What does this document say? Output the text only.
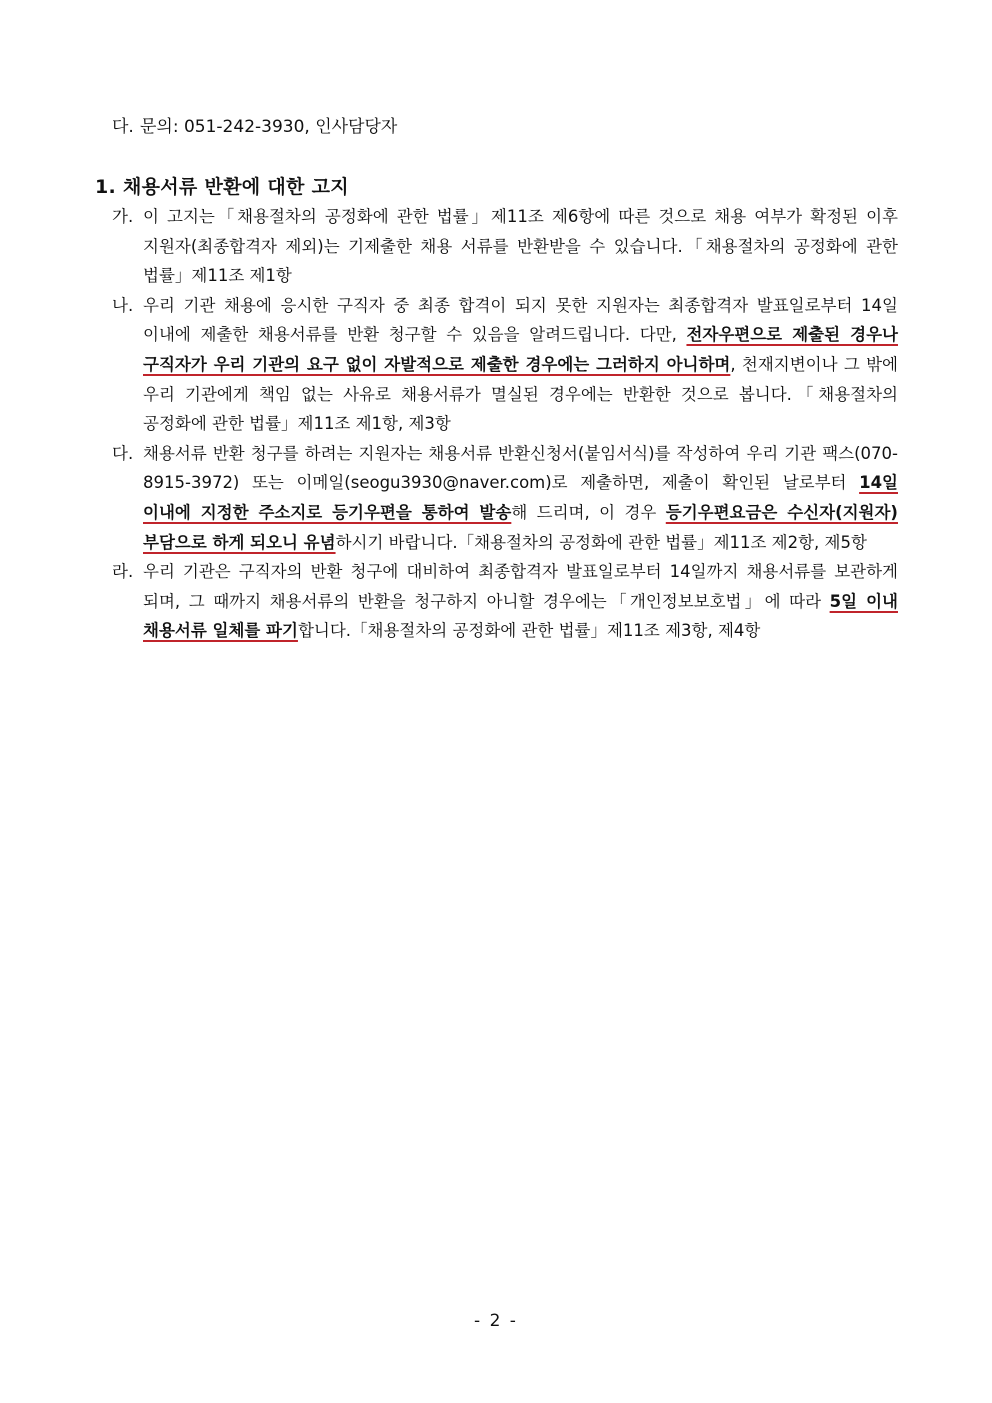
다. 문의: 051-242-3930, 인사담당자
1. 채용서류 반환에 대한 고지

가. 이 고지는「채용절차의 공정화에 관한 법률」제11조 제6항에 따른 것으로 채용 여부가 확정된 이후 지원자(최종합격자 제외)는 기제출한 채용 서류를 반환받을 수 있습니다.「채용절차의 공정화에 관한 법률」제11조 제1항

나. 우리 기관 채용에 응시한 구직자 중 최종 합격이 되지 못한 지원자는 최종합격자 발표일로부터 14일 이내에 제출한 채용서류를 반환 청구할 수 있음을 알려드립니다. 다만, 전자우편으로 제출된 경우나 구직자가 우리 기관의 요구 없이 자발적으로 제출한 경우에는 그러하지 아니하며, 천재지변이나 그 밖에 우리 기관에게 책임 없는 사유로 채용서류가 멸실된 경우에는 반환한 것으로 봅니다.「채용절차의 공정화에 관한 법률」제11조 제1항, 제3항

다. 채용서류 반환 청구를 하려는 지원자는 채용서류 반환신청서(붙임서식)를 작성하여 우리 기관 팩스(070-8915-3972) 또는 이메일(seogu3930@naver.com)로 제출하면, 제출이 확인된 날로부터 14일 이내에 지정한 주소지로 등기우편을 통하여 발송해 드리며, 이 경우 등기우편요금은 수신자(지원자) 부담으로 하게 되오니 유념하시기 바랍니다.「채용절차의 공정화에 관한 법률」제11조 제2항, 제5항

라. 우리 기관은 구직자의 반환 청구에 대비하여 최종합격자 발표일로부터 14일까지 채용서류를 보관하게 되며, 그 때까지 채용서류의 반환을 청구하지 아니할 경우에는「개인정보보호법」에 따라 5일 이내 채용서류 일체를 파기합니다.「채용절차의 공정화에 관한 법률」제11조 제3항, 제4항

- 2 -
